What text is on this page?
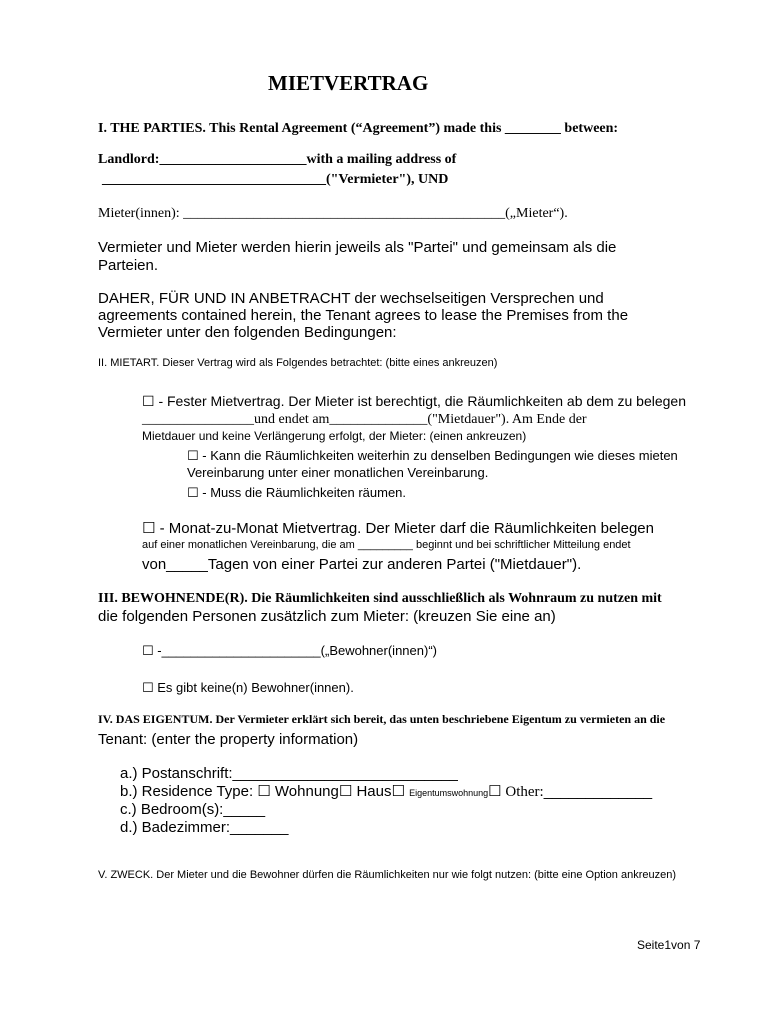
MIETVERTRAG
I. THE PARTIES. This Rental Agreement (“Agreement”) made this ________ between:
Landlord:_____________________with a mailing address of
________________________________("Vermieter"), UND
Mieter(innen): ______________________________________________(„Mieter“).
Vermieter und Mieter werden hierin jeweils als "Partei" und gemeinsam als die
Parteien.
DAHER, FÜR UND IN ANBETRACHT der wechselseitigen Versprechen und
agreements contained herein, the Tenant agrees to lease the Premises from the
Vermieter unter den folgenden Bedingungen:
II. MIETART. Dieser Vertrag wird als Folgendes betrachtet: (bitte eines ankreuzen)
☐ - Fester Mietvertrag. Der Mieter ist berechtigt, die Räumlichkeiten ab dem zu belegen
________________und endet am______________("Mietdauer"). Am Ende der
Mietdauer und keine Verlängerung erfolgt, der Mieter: (einen ankreuzen)
☐ - Kann die Räumlichkeiten weiterhin zu denselben Bedingungen wie dieses mieten
Vereinbarung unter einer monatlichen Vereinbarung.
☐ - Muss die Räumlichkeiten räumen.
☐ - Monat-zu-Monat Mietvertrag. Der Mieter darf die Räumlichkeiten belegen
auf einer monatlichen Vereinbarung, die am _________ beginnt und bei schriftlicher Mitteilung endet
von_____Tagen von einer Partei zur anderen Partei ("Mietdauer").
III. BEWOHNENDE(R). Die Räumlichkeiten sind ausschließlich als Wohnraum zu nutzen mit
die folgenden Personen zusätzlich zum Mieter: (kreuzen Sie eine an)
☐ -______________________(„Bewohner(innen)“)
☐ Es gibt keine(n) Bewohner(innen).
IV. DAS EIGENTUM. Der Vermieter erklärt sich bereit, das unten beschriebene Eigentum zu vermieten an die
Tenant: (enter the property information)
a.) Postanschrift:___________________________
b.) Residence Type: ☐ Wohnung☐ Haus☐ Eigentumswohnung☐ Other:_____________
c.) Bedroom(s):_____
d.) Badezimmer:_______
V. ZWECK. Der Mieter und die Bewohner dürfen die Räumlichkeiten nur wie folgt nutzen: (bitte eine Option ankreuzen)
Seite1von 7
